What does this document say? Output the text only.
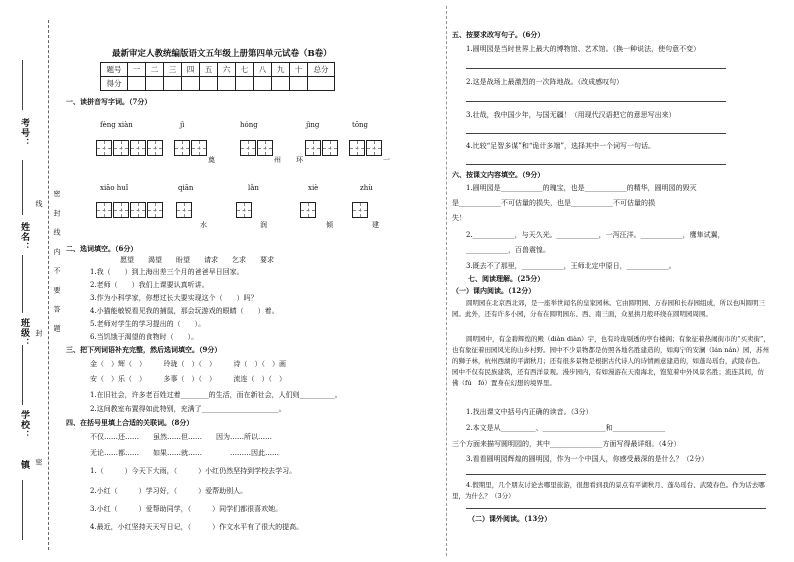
考号：
姓名：
班级：
学校：
镇 线 封 密 密 封 线 内 不 要 答 题
最新审定人教统编版语文五年级上册第四单元试卷（B卷）
题号	一	二	三	四	五	六	七	八	九	十	总分
得分											
一、读拼音写字词。（7分）
fèng xiàn	jì	hóng	jìng	tōng
奠	州 环	一
xiāo huǐ	qiān	lǎn	xiè	zhù
水	润	倾	建
二、选词填空。（6分）
愿望　　渴望　　盼望　　请求　　乞求　　要求
1.我（　　）到上海出差三个月的爸爸早日回家。
2.老师（　　）我们上课要认真听讲。
3.作为小科学家，你想过长大要实现这个（　　）吗？
4.小猫能敏锐看见我的捕鼠，那会玩游戏的眼睛（　　）着。
5.老师对学生的学习提出的（　　）。
6.当饥饿于渴望的食物时（　　）。
三、把下列词语补充完整，然后选词填空。（9分）
金（　）辉（　）　　　玲珑（　）（　）　　　诗（　）（　）画
安（　）乐（　）　　　多事（　）（　）　　　流连（　）（　）
1.在旧社会，许多老百姓过着________的生活，而在新社会，人们则__________。
2.这间教室布置得如此特别，充满了______________________。
四、在括号里填上合适的关联词。（8分）
不仅……还……　　虽然……但……　　因为……所以……
无论……都……　　如果……就……　　　　………因此……
1.（　　　）今天下大雨，（　　　）小红仍然坚持到学校去学习。
2.小红（　　　）学习好，（　　　）爱帮助别人。
3.小红（　　　）爱帮助同学，（　　　）同学们都很喜欢她。
4.最近，小红坚持天天写日记，（　　　）作文水平有了很大的提高。
五、按要求改写句子。（6分）
1.圆明园是当时世界上最大的博物馆、艺术馆。（换一种说法，使句意不变）
2.这是战场上最激烈的一次阵地战。（改成感叹句）
3.壮哉，我中国少年，与国无疆！（用现代汉语把它的意思写出来）
4.比较“足智多谋”和“诡计多端”，选择其中一个词写一句话。
六、按课文内容填空。（9分）
1.圆明园是____________的瑰宝，也是____________的精华，圆明园的毁灭
是____________不可估量的损失，也是____________不可估量的损
失！
2.____________，与天久光。____________，一泻汪洋。____________，鹰隼试翼，
____________，百兽震惶。
3.既去不了那里，____________，王师北定中原日，____________。
七、阅读理解。（25分）
（一）课内阅读。（12分）
圆明园在北京西北郊，是一座举世闻名的皇家园林。它由圆明园、万春园和长春园组成，所以也叫圆明三园。此外，还有许多小园，分布在圆明园东、西、南三面，众星拱月般环绕在圆明园周围。
圆明园中，有金碧辉煌的殿（diàn diàn）宇，也有玲珑剔透的亭台楼阁；有象征着热闹街市的“买卖街”，也有象征着田园风光的山乡村野。园中不少景物都是仿照各地名胜建造的，如海宁的安澜（lán nán）园，苏州的狮子林，杭州西湖的平湖秋月；还有很多景物是根据古代诗人的诗情画意建造的，如蓬岛瑶台，武陵春色。园中不仅有民族建筑，还有西洋景观。漫步园内，有如漫游在天南海北，饱览着中外风景名胜；流连其间，仿佛（fú　fó）置身在幻想的境界里。
1.找出课文中括号内正确的读音。（3分）
2.本文是从__________、__________________和_______________
三个方面来描写圆明园的，其中_______________方面写得最详细。（4分）
3.看看圆明园辉煌的圆明园，作为一个中国人，你感受最深的是什么？（2分）
4.假期里，几个朋友讨论去哪里旅游，很想看到我的景点有平湖秋月、蓬岛瑶台、武陵春色。作为话去哪里，为什么？（3分）
（二）课外阅读。（13分）
